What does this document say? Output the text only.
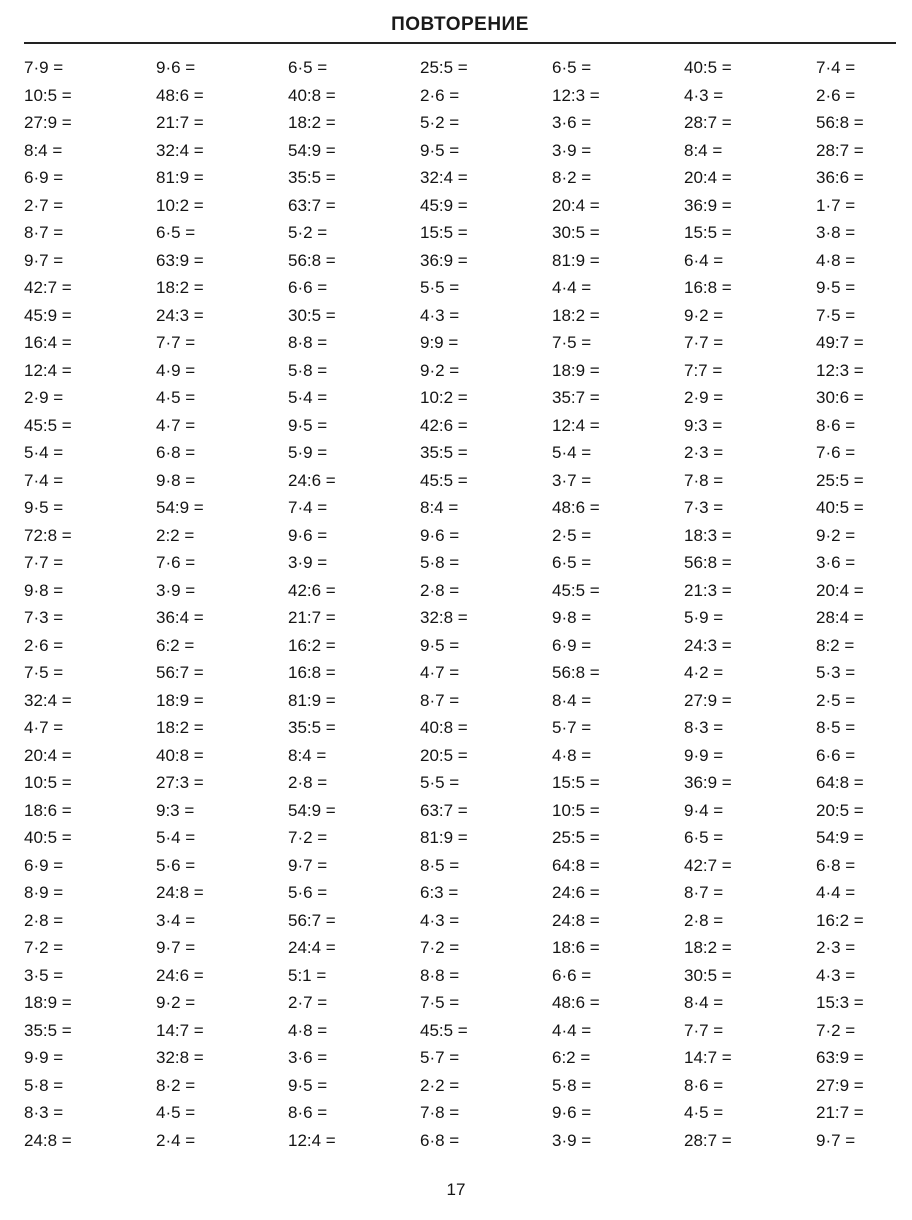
ПОВТОРЕНИЕ
7·9 =
10:5 =
27:9 =
8:4 =
6·9 =
2·7 =
8·7 =
9·7 =
42:7 =
45:9 =
16:4 =
12:4 =
2·9 =
45:5 =
5·4 =
7·4 =
9·5 =
72:8 =
7·7 =
9·8 =
7·3 =
2·6 =
7·5 =
32:4 =
4·7 =
20:4 =
10:5 =
18:6 =
40:5 =
6·9 =
8·9 =
2·8 =
7·2 =
3·5 =
18:9 =
35:5 =
9·9 =
5·8 =
8·3 =
24:8 =
9·6 =
48:6 =
21:7 =
32:4 =
81:9 =
10:2 =
6·5 =
63:9 =
18:2 =
24:3 =
7·7 =
4·9 =
4·5 =
4·7 =
6·8 =
9·8 =
54:9 =
2:2 =
7·6 =
3·9 =
36:4 =
6:2 =
56:7 =
18:9 =
18:2 =
40:8 =
27:3 =
9:3 =
5·4 =
5·6 =
24:8 =
3·4 =
9·7 =
24:6 =
9·2 =
14:7 =
32:8 =
8·2 =
4·5 =
2·4 =
6·5 =
40:8 =
18:2 =
54:9 =
35:5 =
63:7 =
5·2 =
56:8 =
6·6 =
30:5 =
8·8 =
5·8 =
5·4 =
9·5 =
5·9 =
24:6 =
7·4 =
9·6 =
3·9 =
42:6 =
21:7 =
16:2 =
16:8 =
81:9 =
35:5 =
8:4 =
2·8 =
54:9 =
7·2 =
9·7 =
5·6 =
56:7 =
24:4 =
5:1 =
2·7 =
4·8 =
3·6 =
9·5 =
8·6 =
12:4 =
25:5 =
2·6 =
5·2 =
9·5 =
32:4 =
45:9 =
15:5 =
36:9 =
5·5 =
4·3 =
9:9 =
9·2 =
10:2 =
42:6 =
35:5 =
45:5 =
8:4 =
9·6 =
5·8 =
2·8 =
32:8 =
9·5 =
4·7 =
8·7 =
40:8 =
20:5 =
5·5 =
63:7 =
81:9 =
8·5 =
6:3 =
4·3 =
7·2 =
8·8 =
7·5 =
45:5 =
5·7 =
2·2 =
7·8 =
6·8 =
6·5 =
12:3 =
3·6 =
3·9 =
8·2 =
20:4 =
30:5 =
81:9 =
4·4 =
18:2 =
7·5 =
18:9 =
35:7 =
12:4 =
5·4 =
3·7 =
48:6 =
2·5 =
6·5 =
45:5 =
9·8 =
6·9 =
56:8 =
8·4 =
5·7 =
4·8 =
15:5 =
10:5 =
25:5 =
64:8 =
24:6 =
24:8 =
18:6 =
6·6 =
48:6 =
4·4 =
6:2 =
5·8 =
9·6 =
3·9 =
40:5 =
4·3 =
28:7 =
8:4 =
20:4 =
36:9 =
15:5 =
6·4 =
16:8 =
9·2 =
7·7 =
7:7 =
2·9 =
9:3 =
2·3 =
7·8 =
7·3 =
18:3 =
56:8 =
21:3 =
5·9 =
24:3 =
4·2 =
27:9 =
8·3 =
9·9 =
36:9 =
9·4 =
6·5 =
42:7 =
8·7 =
2·8 =
18:2 =
30:5 =
8·4 =
7·7 =
14:7 =
8·6 =
4·5 =
28:7 =
7·4 =
2·6 =
56:8 =
28:7 =
36:6 =
1·7 =
3·8 =
4·8 =
9·5 =
7·5 =
49:7 =
12:3 =
30:6 =
8·6 =
7·6 =
25:5 =
40:5 =
9·2 =
3·6 =
20:4 =
28:4 =
8:2 =
5·3 =
2·5 =
8·5 =
6·6 =
64:8 =
20:5 =
54:9 =
6·8 =
4·4 =
16:2 =
2·3 =
4·3 =
15:3 =
7·2 =
63:9 =
27:9 =
21:7 =
9·7 =
17
